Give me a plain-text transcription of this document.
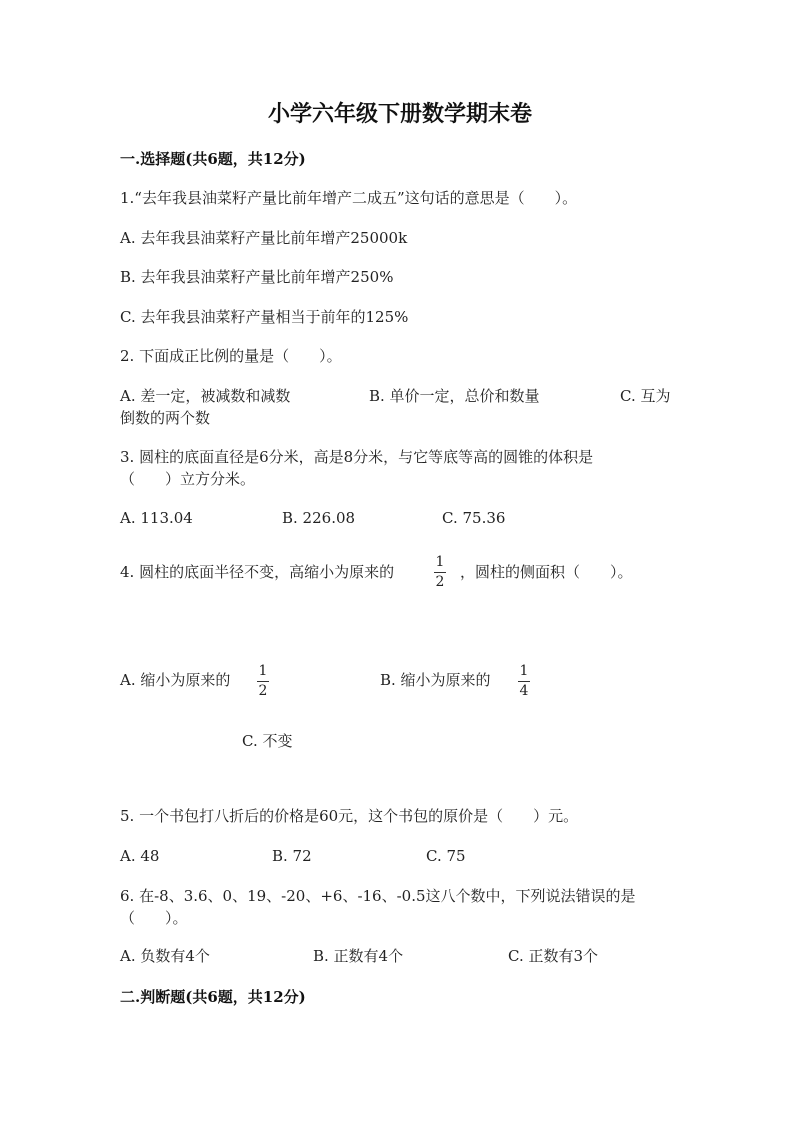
小学六年级下册数学期末卷
一.选择题(共6题，共12分)
1.“去年我县油菜籽产量比前年增产二成五”这句话的意思是（　　）。
A. 去年我县油菜籽产量比前年增产25000k
B. 去年我县油菜籽产量比前年增产250%
C. 去年我县油菜籽产量相当于前年的125%
2. 下面成正比例的量是（　　）。
A. 差一定，被减数和减数	B. 单价一定，总价和数量	C. 互为
倒数的两个数
3. 圆柱的底面直径是6分米，高是8分米，与它等底等高的圆锥的体积是
（　　）立方分米。
A. 113.04	B. 226.08	C. 75.36
4. 圆柱的底面半径不变，高缩小为原来的
1
2
，圆柱的侧面积（　　）。
A. 缩小为原来的 1
2
B. 缩小为原来的 1
4
C. 不变
5. 一个书包打八折后的价格是60元，这个书包的原价是（　　）元。
A. 48	B. 72	C. 75
6. 在-8、3.6、0、19、-20、+6、-16、-0.5这八个数中，下列说法错误的是
（　　）。
A. 负数有4个	B. 正数有4个	C. 正数有3个
二.判断题(共6题，共12分)
